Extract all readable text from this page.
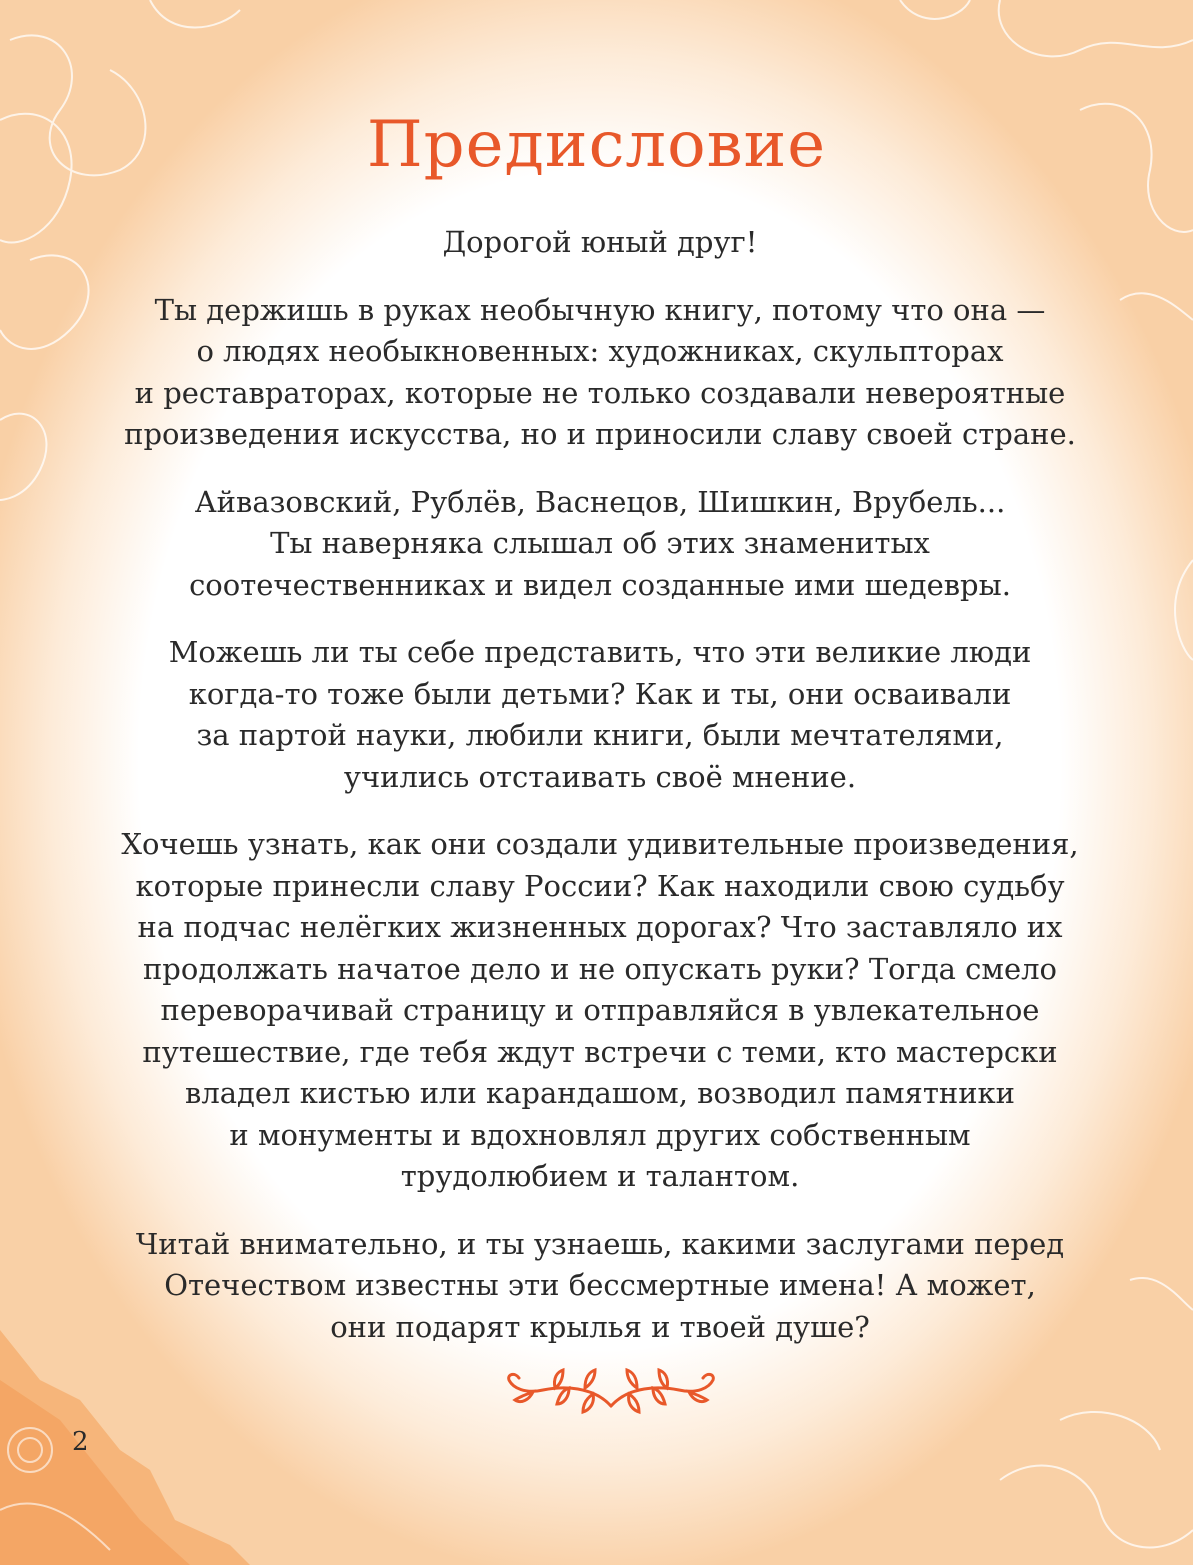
Предисловие

Дорогой юный друг!

Ты держишь в руках необычную книгу, потому что она —
о людях необыкновенных: художниках, скульпторах
и реставраторах, которые не только создавали невероятные
произведения искусства, но и приносили славу своей стране.

Айвазовский, Рублёв, Васнецов, Шишкин, Врубель...
Ты наверняка слышал об этих знаменитых
соотечественниках и видел созданные ими шедевры.

Можешь ли ты себе представить, что эти великие люди
когда-то тоже были детьми? Как и ты, они осваивали
за партой науки, любили книги, были мечтателями,
учились отстаивать своё мнение.

Хочешь узнать, как они создали удивительные произведения,
которые принесли славу России? Как находили свою судьбу
на подчас нелёгких жизненных дорогах? Что заставляло их
продолжать начатое дело и не опускать руки? Тогда смело
переворачивай страницу и отправляйся в увлекательное
путешествие, где тебя ждут встречи с теми, кто мастерски
владел кистью или карандашом, возводил памятники
и монументы и вдохновлял других собственным
трудолюбием и талантом.

Читай внимательно, и ты узнаешь, какими заслугами перед
Отечеством известны эти бессмертные имена! А может,
они подарят крылья и твоей душе?

2
